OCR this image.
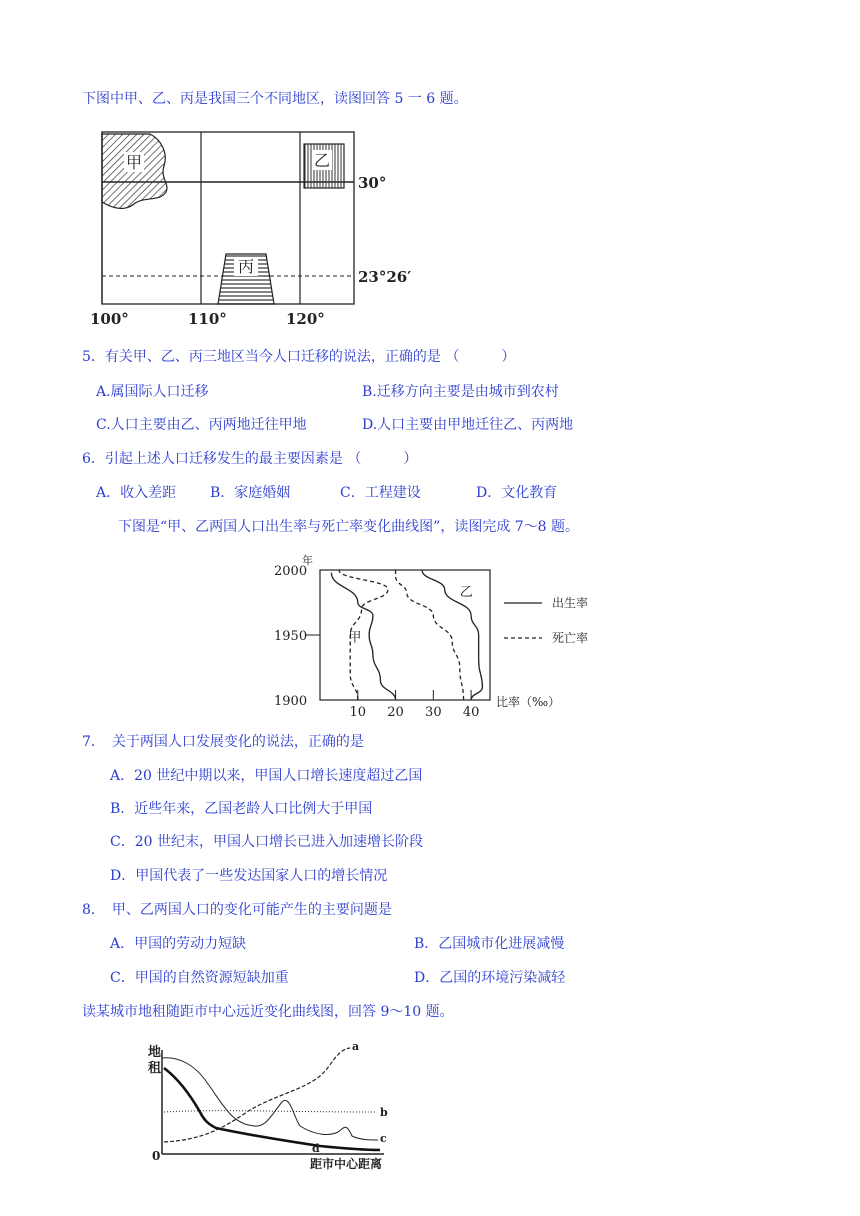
下图中甲、乙、丙是我国三个不同地区，读图回答 5 一 6 题。
甲	乙
丙
30°
23°26′
100°	110°	120°
5．有关甲、乙、丙三地区当今人口迁移的说法，正确的是 （　　　）
A.属国际人口迁移	B.迁移方向主要是由城市到农村
C.人口主要由乙、丙两地迁往甲地	D.人口主要由甲地迁往乙、丙两地
6．引起上述人口迁移发生的最主要因素是 （　　　）
A．收入差距 B．家庭婚姻	C．工程建设	D．文化教育
下图是“甲、乙两国人口出生率与死亡率变化曲线图”，读图完成 7～8 题。
年
1900
1950
2000
10 20 30 40
比率（‰）
甲
乙
出生率
死亡率
7．　关于两国人口发展变化的说法，正确的是
A．20 世纪中期以来，甲国人口增长速度超过乙国
B．近些年来，乙国老龄人口比例大于甲国
C．20 世纪末，甲国人口增长已进入加速增长阶段
D．甲国代表了一些发达国家人口的增长情况
8．　甲、乙两国人口的变化可能产生的主要问题是
A．甲国的劳动力短缺	B．乙国城市化进展减慢
C．甲国的自然资源短缺加重	D．乙国的环境污染减轻
读某城市地租随距市中心远近变化曲线图，回答 9～10 题。
地
租
0
距市中心距离
a
b
c
d
